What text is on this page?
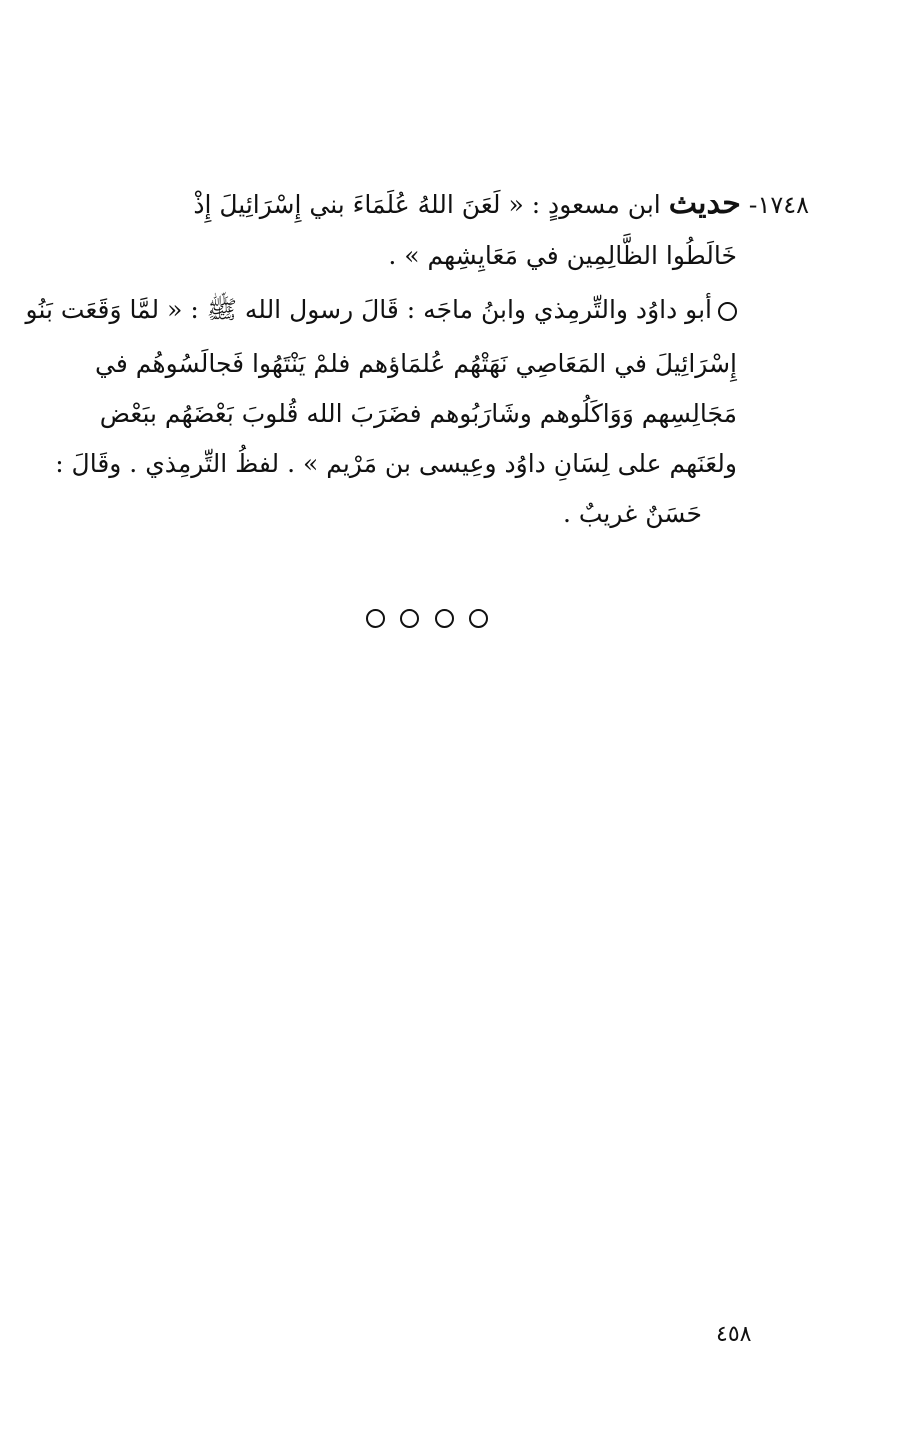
١٧٤٨- حديث ابن مسعودٍ : « لَعَنَ اللهُ عُلَمَاءَ بني إِسْرَائِيلَ إِذْ
خَالَطُوا الظَّالِمِين في مَعَايِشِهم » .
أبو داوُد والتِّرمِذي وابنُ ماجَه : قَالَ رسول الله ﷺ : « لمَّا وَقَعَت بَنُو
إِسْرَائِيلَ في المَعَاصِي نَهَتْهُم عُلمَاؤهم فلمْ يَنْتَهُوا فَجالَسُوهُم في
مَجَالِسِهم وَوَاكَلُوهم وشَارَبُوهم فضَرَبَ الله قُلوبَ بَعْضَهُم ببَعْض
ولعَنَهم على لِسَانِ داوُد وعِيسى بن مَرْيم » . لفظُ التِّرمِذي . وقَالَ :
حَسَنٌ غريبٌ .
٤٥٨
